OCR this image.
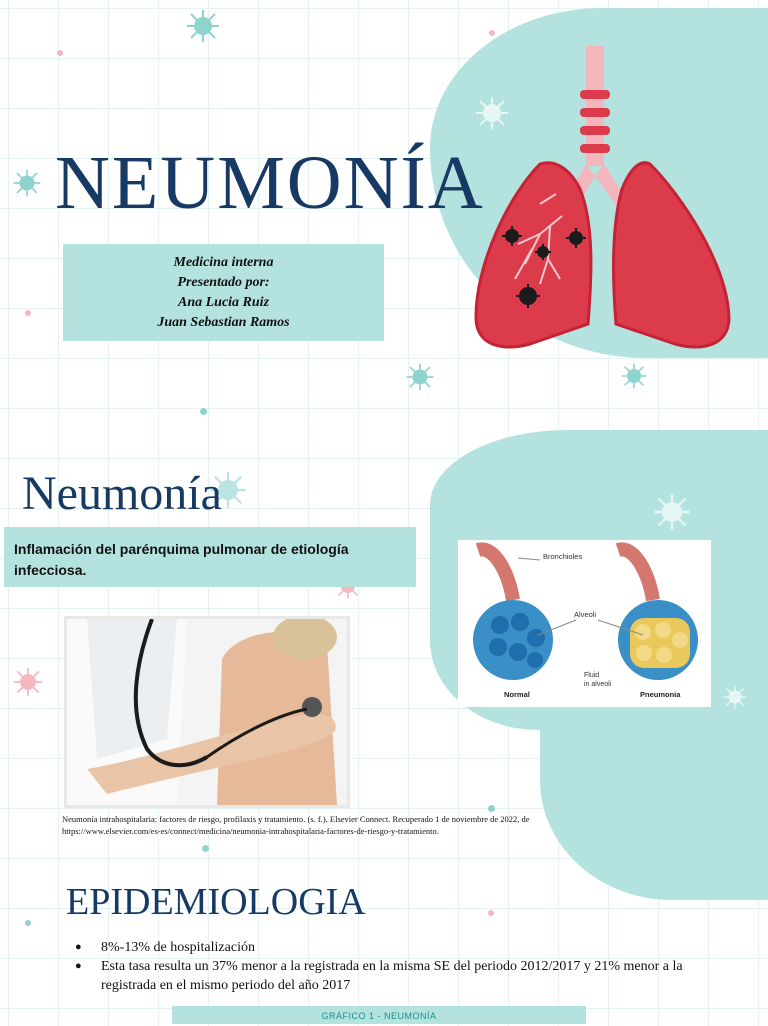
NEUMONÍA
Medicina interna
Presentado por:
Ana Lucia Ruiz
Juan Sebastian Ramos
Neumonía
Inflamación del parénquima pulmonar de etiología infecciosa.
Bronchioles
Alveoli
Fluid
in alveoli
Normal	Pneumonia
Neumonía intrahospitalaria: factores de riesgo, profilaxis y tratamiento. (s. f.). Elsevier Connect. Recuperado 1 de noviembre de 2022, de
https://www.elsevier.com/es-es/connect/medicina/neumonia-intrahospitalaria-factores-de-riesgo-y-tratamiento.
EPIDEMIOLOGIA
● 8%-13% de hospitalización
● Esta tasa resulta un 37% menor a la registrada en la misma SE del periodo 2012/2017 y 21% menor a la registrada en el mismo periodo del año 2017
GRÁFICO 1 - NEUMONÍA
